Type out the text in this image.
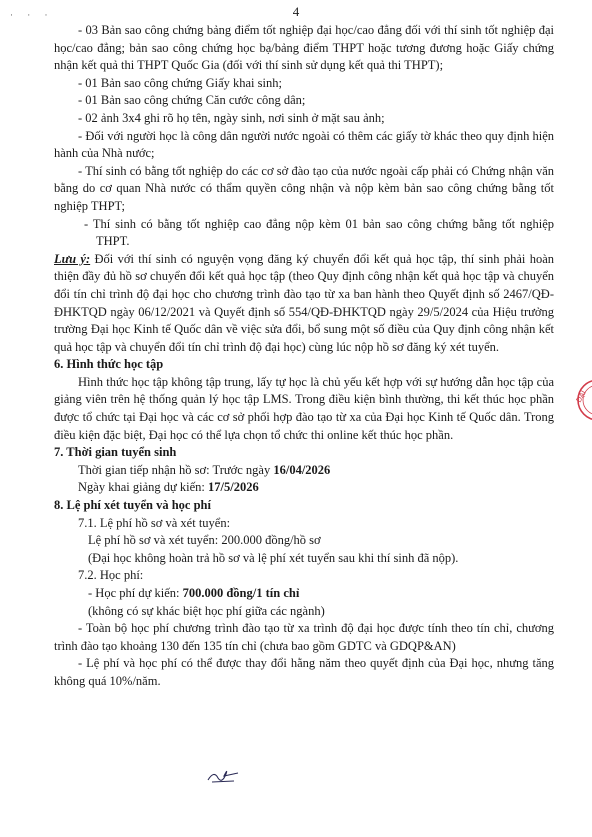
· · ·	4

- 03 Bản sao công chứng bảng điểm tốt nghiệp đại học/cao đẳng đối với thí sinh tốt nghiệp đại học/cao đẳng; bản sao công chứng học bạ/bảng điểm THPT hoặc tương đương hoặc Giấy chứng nhận kết quả thi THPT Quốc Gia (đối với thí sinh sử dụng kết quả thi THPT);

- 01 Bản sao công chứng Giấy khai sinh;

- 01 Bản sao công chứng Căn cước công dân;

- 02 ảnh 3x4 ghi rõ họ tên, ngày sinh, nơi sinh ở mặt sau ảnh;

- Đối với người học là công dân người nước ngoài có thêm các giấy tờ khác theo quy định hiện hành của Nhà nước;

- Thí sinh có bằng tốt nghiệp do các cơ sở đào tạo của nước ngoài cấp phải có Chứng nhận văn bằng do cơ quan Nhà nước có thẩm quyền công nhận và nộp kèm bản sao công chứng bằng tốt nghiệp THPT;

- Thí sinh có bằng tốt nghiệp cao đẳng nộp kèm 01 bản sao công chứng bằng tốt nghiệp THPT.

Lưu ý: Đối với thí sinh có nguyện vọng đăng ký chuyển đổi kết quả học tập, thí sinh phải hoàn thiện đầy đủ hồ sơ chuyển đổi kết quả học tập (theo Quy định công nhận kết quả học tập và chuyển đổi tín chỉ trình độ đại học cho chương trình đào tạo từ xa ban hành theo Quyết định số 2467/QĐ-ĐHKTQD ngày 06/12/2021 và Quyết định số 554/QĐ-ĐHKTQD ngày 29/5/2024 của Hiệu trưởng trường Đại học Kinh tế Quốc dân về việc sửa đổi, bổ sung một số điều của Quy định công nhận kết quả học tập và chuyển đổi tín chỉ trình độ đại học) cùng lúc nộp hồ sơ đăng ký xét tuyển.

6. Hình thức học tập

Hình thức học tập không tập trung, lấy tự học là chủ yếu kết hợp với sự hướng dẫn học tập của giảng viên trên hệ thống quản lý học tập LMS. Trong điều kiện bình thường, thi kết thúc học phần được tổ chức tại Đại học và các cơ sở phối hợp đào tạo từ xa của Đại học Kinh tế Quốc dân. Trong điều kiện đặc biệt, Đại học có thể lựa chọn tổ chức thi online kết thúc học phần.

7. Thời gian tuyển sinh

Thời gian tiếp nhận hồ sơ: Trước ngày 16/04/2026

Ngày khai giảng dự kiến: 17/5/2026

8. Lệ phí xét tuyển và học phí

7.1. Lệ phí hồ sơ và xét tuyển:

Lệ phí hồ sơ và xét tuyển: 200.000 đồng/hồ sơ

(Đại học không hoàn trả hồ sơ và lệ phí xét tuyển sau khi thí sinh đã nộp).

7.2. Học phí:

- Học phí dự kiến: 700.000 đồng/1 tín chỉ

(không có sự khác biệt học phí giữa các ngành)

- Toàn bộ học phí chương trình đào tạo từ xa trình độ đại học được tính theo tín chỉ, chương trình đào tạo khoảng 130 đến 135 tín chỉ (chưa bao gồm GDTC và GDQP&AN)

- Lệ phí và học phí có thể được thay đổi hằng năm theo quyết định của Đại học, nhưng tăng không quá 10%/năm.

ĐẠI
